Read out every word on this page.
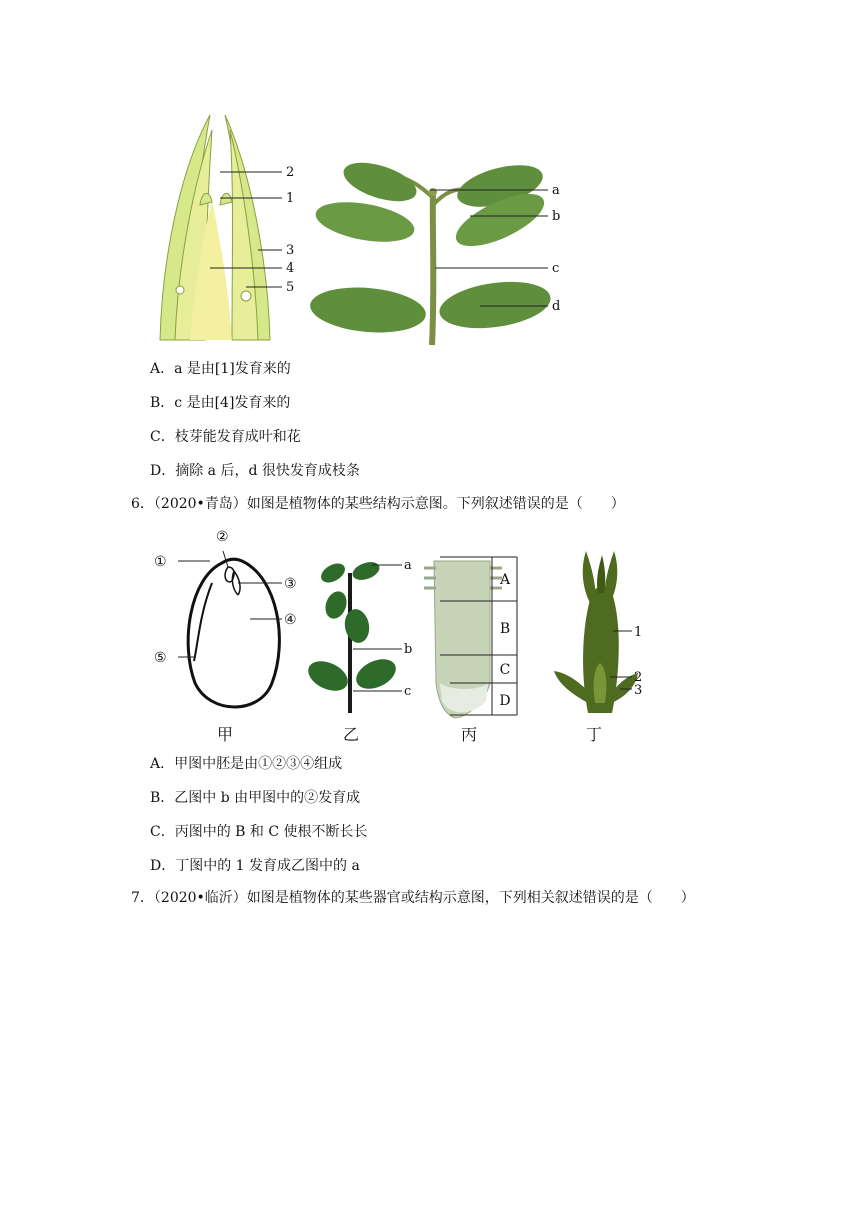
2
1
3
4
5
a
b
c
d
A．a 是由[1]发育来的
B．c 是由[4]发育来的
C．枝芽能发育成叶和花
D．摘除 a 后，d 很快发育成枝条
6．（2020•青岛）如图是植物体的某些结构示意图。下列叙述错误的是（　　）
②
①
③
④
⑤
a
b
c
A
B
C
D
1
2
3
甲	乙	丙	丁
A．甲图中胚是由①②③④组成
B．乙图中 b 由甲图中的②发育成
C．丙图中的 B 和 C 使根不断长长
D．丁图中的 1 发育成乙图中的 a
7．（2020•临沂）如图是植物体的某些器官或结构示意图，下列相关叙述错误的是（　　）
